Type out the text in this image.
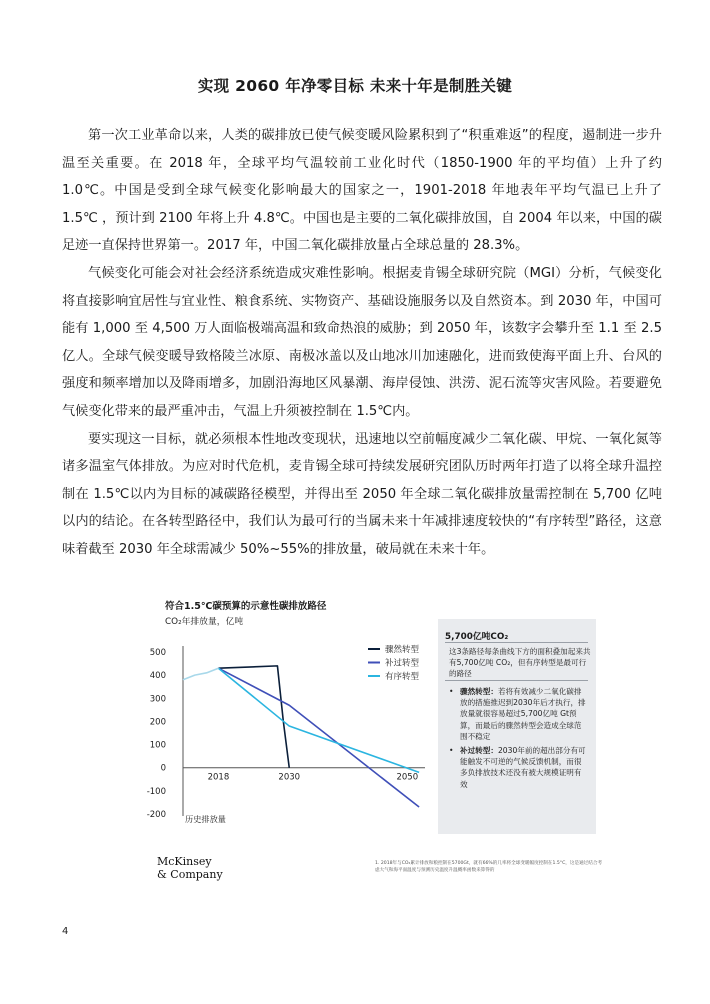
实现 2060 年净零目标 未来十年是制胜关键

第一次工业革命以来，人类的碳排放已使气候变暖风险累积到了“积重难返”的程度，遏制进一步升温至关重要。在 2018 年，全球平均气温较前工业化时代（1850-1900 年的平均值）上升了约 1.0℃。中国是受到全球气候变化影响最大的国家之一，1901-2018 年地表年平均气温已上升了 1.5℃ ，预计到 2100 年将上升 4.8℃。中国也是主要的二氧化碳排放国，自 2004 年以来，中国的碳足迹一直保持世界第一。2017 年，中国二氧化碳排放量占全球总量的 28.3%。

气候变化可能会对社会经济系统造成灾难性影响。根据麦肯锡全球研究院（MGI）分析，气候变化将直接影响宜居性与宜业性、粮食系统、实物资产、基础设施服务以及自然资本。到 2030 年，中国可能有 1,000 至 4,500 万人面临极端高温和致命热浪的威胁；到 2050 年，该数字会攀升至 1.1 至 2.5 亿人。全球气候变暖导致格陵兰冰原、南极冰盖以及山地冰川加速融化，进而致使海平面上升、台风的强度和频率增加以及降雨增多，加剧沿海地区风暴潮、海岸侵蚀、洪涝、泥石流等灾害风险。若要避免气候变化带来的最严重冲击，气温上升须被控制在 1.5℃内。

要实现这一目标，就必须根本性地改变现状，迅速地以空前幅度减少二氧化碳、甲烷、一氧化氮等诸多温室气体排放。为应对时代危机，麦肯锡全球可持续发展研究团队历时两年打造了以将全球升温控制在 1.5℃以内为目标的减碳路径模型，并得出至 2050 年全球二氧化碳排放量需控制在 5,700 亿吨以内的结论。在各转型路径中，我们认为最可行的当属未来十年减排速度较快的“有序转型”路径，这意味着截至 2030 年全球需减少 50%~55%的排放量，破局就在未来十年。

符合1.5℃碳预算的示意性碳排放路径
CO₂年排放量，亿吨
500
400
300
200
100
0
-100
-200
2018	2030	2050
历史排放量
骤然转型
补过转型
有序转型
5,700亿吨CO₂
这3条路径每条曲线下方的面积叠加起来共有5,700亿吨 CO₂，但有序转型是最可行的路径
• 骤然转型：若将有效减少二氧化碳排放的措施推迟到2030年后才执行，排放量就很容易超过5,700亿吨 Gt预算，而最后的骤然转型会造成全球范围不稳定
• 补过转型：2030年前的超出部分有可能触发不可逆的气候反馈机制，而很多负排放技术还没有被大规模证明有效
McKinsey
& Company
1. 2018年与CO₂累计排放和粮控制在5700Gt，就有66%的几率将全球变暖幅度控制在1.5°C，这是通过结合考虑大气和海平面温度与预测历史温度升温概率函数来算得的
4
